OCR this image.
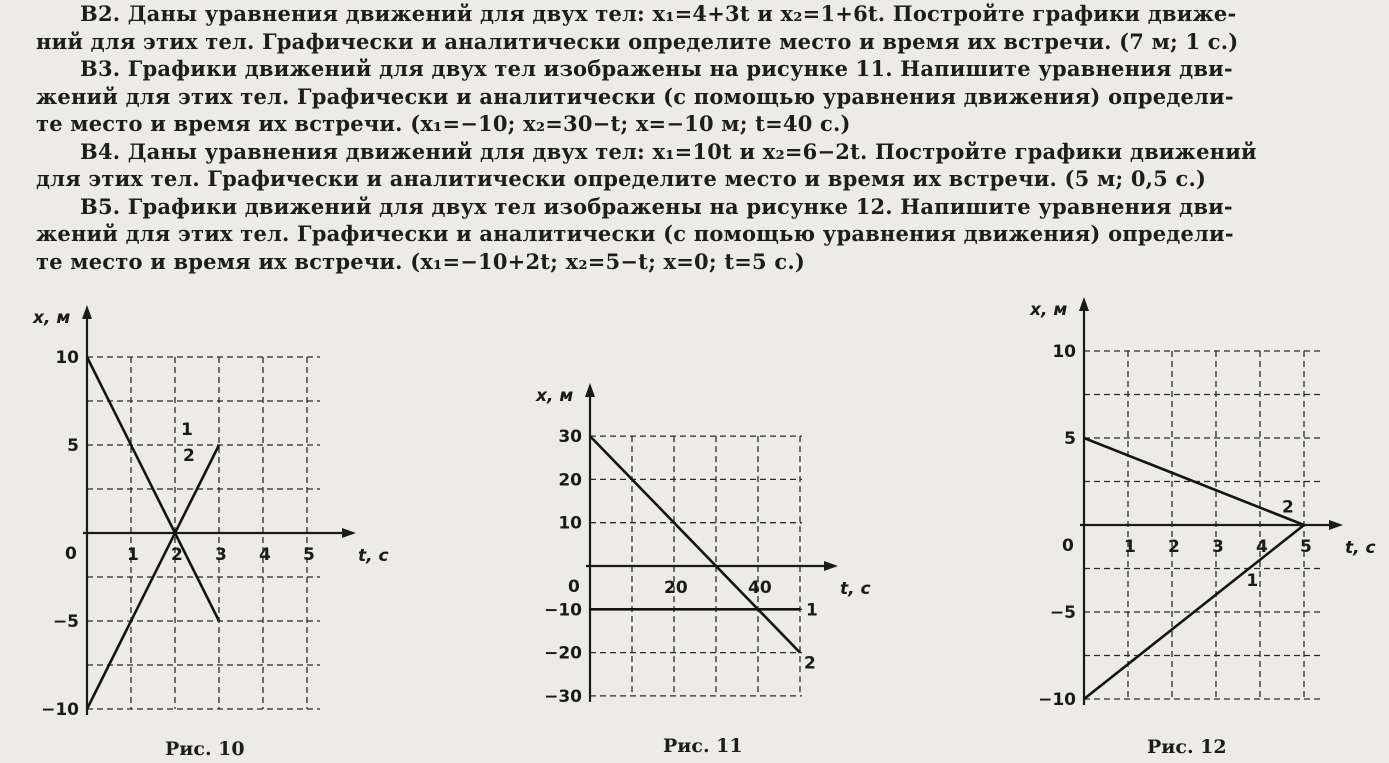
В2. Даны уравнения движений для двух тел: x₁=4+3t и x₂=1+6t. Постройте графики движе-
ний для этих тел. Графически и аналитически определите место и время их встречи. (7 м; 1 с.)
В3. Графики движений для двух тел изображены на рисунке 11. Напишите уравнения дви-
жений для этих тел. Графически и аналитически (с помощью уравнения движения) определи-
те место и время их встречи. (x₁=−10; x₂=30−t; x=−10 м; t=40 с.)
В4. Даны уравнения движений для двух тел: x₁=10t и x₂=6−2t. Постройте графики движений
для этих тел. Графически и аналитически определите место и время их встречи. (5 м; 0,5 с.)
В5. Графики движений для двух тел изображены на рисунке 12. Напишите уравнения дви-
жений для этих тел. Графически и аналитически (с помощью уравнения движения) определи-
те место и время их встречи. (x₁=−10+2t; x₂=5−t; x=0; t=5 с.)
x, м
t, с
0	1 2 3 4 5
10
5
−5
−10
1
2
Рис. 10
x, м
t, с
0	20	40
30
20
10
−10
−20
−30
1
2
Рис. 11
x, м
t, с
0	1 2 3 4 5
10
5
−5
−10
1
2
Рис. 12
